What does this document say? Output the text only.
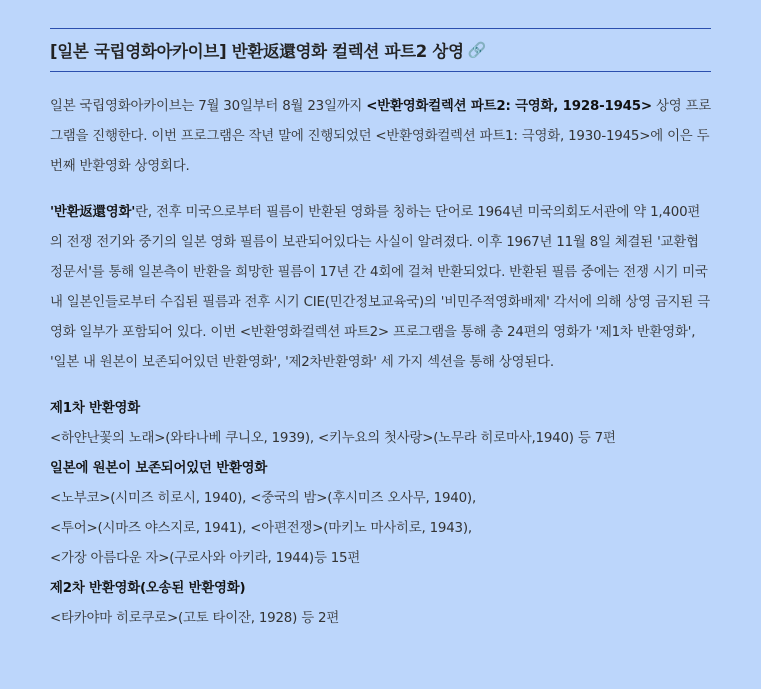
[일본 국립영화아카이브] 반환返還영화 컬렉션 파트2 상영 🔗

일본 국립영화아카이브는 7월 30일부터 8월 23일까지 <반환영화컬렉션 파트2: 극영화, 1928-1945> 상영 프로그램을 진행한다. 이번 프로그램은 작년 말에 진행되었던 <반환영화컬렉션 파트1: 극영화, 1930-1945>에 이은 두번째 반환영화 상영회다.

'반환返還영화'란, 전후 미국으로부터 필름이 반환된 영화를 칭하는 단어로 1964년 미국의회도서관에 약 1,400편의 전쟁 전기와 중기의 일본 영화 필름이 보관되어있다는 사실이 알려졌다. 이후 1967년 11월 8일 체결된 '교환협정문서'를 통해 일본측이 반환을 희망한 필름이 17년 간 4회에 걸쳐 반환되었다. 반환된 필름 중에는 전쟁 시기 미국 내 일본인들로부터 수집된 필름과 전후 시기 CIE(민간정보교육국)의 '비민주적영화배제' 각서에 의해 상영 금지된 극영화 일부가 포함되어 있다. 이번 <반환영화컬렉션 파트2> 프로그램을 통해 총 24편의 영화가 '제1차 반환영화', '일본 내 원본이 보존되어있던 반환영화', '제2차반환영화' 세 가지 섹션을 통해 상영된다.

제1차 반환영화
<하얀난꽃의 노래>(와타나베 쿠니오, 1939), <키누요의 첫사랑>(노무라 히로마사,1940) 등 7편
일본에 원본이 보존되어있던 반환영화
<노부코>(시미즈 히로시, 1940), <중국의 밤>(후시미즈 오사무, 1940),
<투어>(시마즈 야스지로, 1941), <아편전쟁>(마키노 마사히로, 1943),
<가장 아름다운 자>(구로사와 아키라, 1944)등 15편
제2차 반환영화(오송된 반환영화)
<타카야마 히로쿠로>(고토 타이잔, 1928) 등 2편
